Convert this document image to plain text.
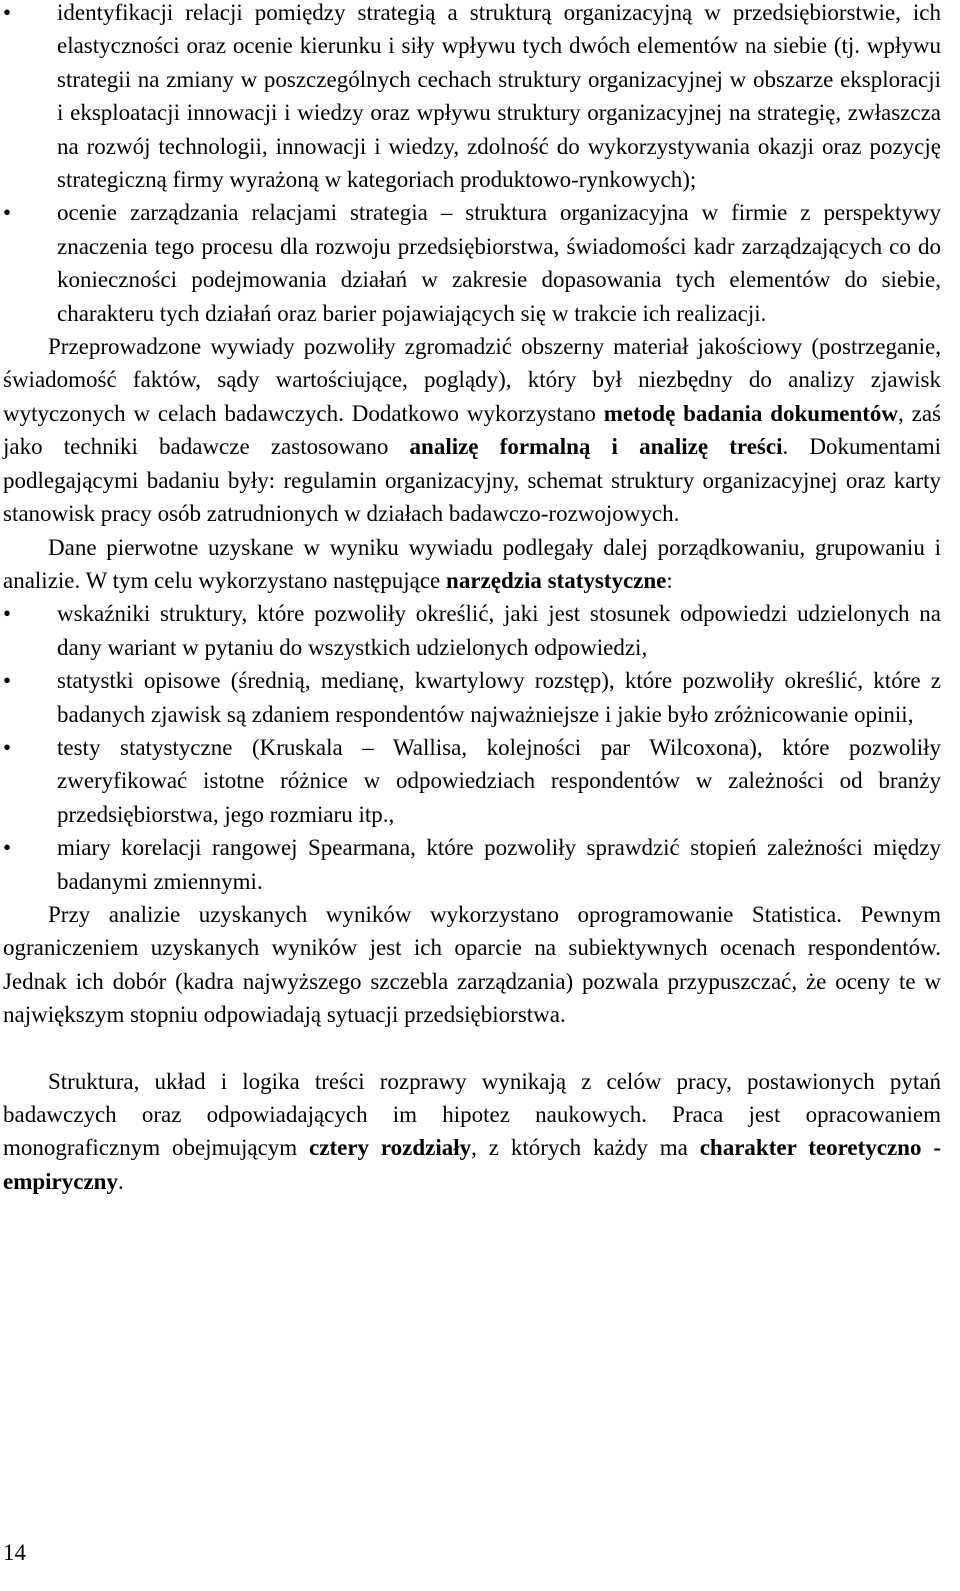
• identyfikacji relacji pomiędzy strategią a strukturą organizacyjną w przedsiębiorstwie, ich elastyczności oraz ocenie kierunku i siły wpływu tych dwóch elementów na siebie (tj. wpływu strategii na zmiany w poszczególnych cechach struktury organizacyjnej w obszarze eksploracji i eksploatacji innowacji i wiedzy oraz wpływu struktury organizacyjnej na strategię, zwłaszcza na rozwój technologii, innowacji i wiedzy, zdolność do wykorzystywania okazji oraz pozycję strategiczną firmy wyrażoną w kategoriach produktowo-rynkowych);
• ocenie zarządzania relacjami strategia – struktura organizacyjna w firmie z perspektywy znaczenia tego procesu dla rozwoju przedsiębiorstwa, świadomości kadr zarządzających co do konieczności podejmowania działań w zakresie dopasowania tych elementów do siebie, charakteru tych działań oraz barier pojawiających się w trakcie ich realizacji.

Przeprowadzone wywiady pozwoliły zgromadzić obszerny materiał jakościowy (postrzeganie, świadomość faktów, sądy wartościujące, poglądy), który był niezbędny do analizy zjawisk wytyczonych w celach badawczych. Dodatkowo wykorzystano metodę badania dokumentów, zaś jako techniki badawcze zastosowano analizę formalną i analizę treści. Dokumentami podlegającymi badaniu były: regulamin organizacyjny, schemat struktury organizacyjnej oraz karty stanowisk pracy osób zatrudnionych w działach badawczo-rozwojowych.

Dane pierwotne uzyskane w wyniku wywiadu podlegały dalej porządkowaniu, grupowaniu i analizie. W tym celu wykorzystano następujące narzędzia statystyczne:

• wskaźniki struktury, które pozwoliły określić, jaki jest stosunek odpowiedzi udzielonych na dany wariant w pytaniu do wszystkich udzielonych odpowiedzi,
• statystki opisowe (średnią, medianę, kwartylowy rozstęp), które pozwoliły określić, które z badanych zjawisk są zdaniem respondentów najważniejsze i jakie było zróżnicowanie opinii,
• testy statystyczne (Kruskala – Wallisa, kolejności par Wilcoxona), które pozwoliły zweryfikować istotne różnice w odpowiedziach respondentów w zależności od branży przedsiębiorstwa, jego rozmiaru itp.,
• miary korelacji rangowej Spearmana, które pozwoliły sprawdzić stopień zależności między badanymi zmiennymi.

Przy analizie uzyskanych wyników wykorzystano oprogramowanie Statistica. Pewnym ograniczeniem uzyskanych wyników jest ich oparcie na subiektywnych ocenach respondentów. Jednak ich dobór (kadra najwyższego szczebla zarządzania) pozwala przypuszczać, że oceny te w największym stopniu odpowiadają sytuacji przedsiębiorstwa.

Struktura, układ i logika treści rozprawy wynikają z celów pracy, postawionych pytań badawczych oraz odpowiadających im hipotez naukowych. Praca jest opracowaniem monograficznym obejmującym cztery rozdziały, z których każdy ma charakter teoretyczno - empiryczny.

14
